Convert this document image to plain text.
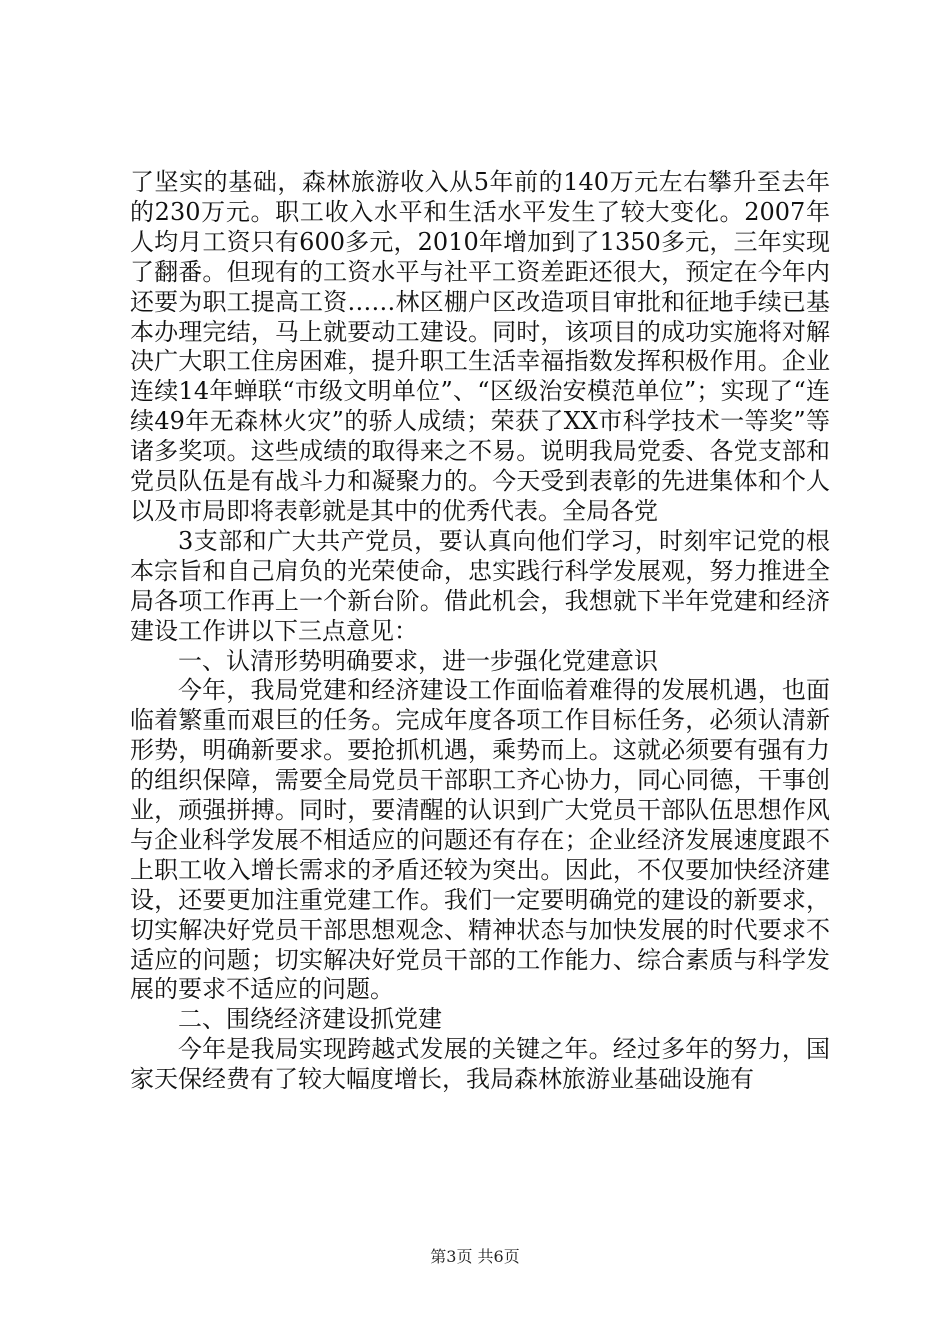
了坚实的基础，森林旅游收入从5年前的140万元左右攀升至去年的230万元。职工收入水平和生活水平发生了较大变化。2007年人均月工资只有600多元，2010年增加到了1350多元，三年实现了翻番。但现有的工资水平与社平工资差距还很大，预定在今年内还要为职工提高工资……林区棚户区改造项目审批和征地手续已基本办理完结，马上就要动工建设。同时，该项目的成功实施将对解决广大职工住房困难，提升职工生活幸福指数发挥积极作用。企业连续14年蝉联“市级文明单位”、“区级治安模范单位”；实现了“连续49年无森林火灾”的骄人成绩；荣获了XX市科学技术一等奖”等诸多奖项。这些成绩的取得来之不易。说明我局党委、各党支部和党员队伍是有战斗力和凝聚力的。今天受到表彰的先进集体和个人以及市局即将表彰就是其中的优秀代表。全局各党

3支部和广大共产党员，要认真向他们学习，时刻牢记党的根本宗旨和自己肩负的光荣使命，忠实践行科学发展观，努力推进全局各项工作再上一个新台阶。借此机会，我想就下半年党建和经济建设工作讲以下三点意见：

一、认清形势明确要求，进一步强化党建意识

今年，我局党建和经济建设工作面临着难得的发展机遇，也面临着繁重而艰巨的任务。完成年度各项工作目标任务，必须认清新形势，明确新要求。要抢抓机遇，乘势而上。这就必须要有强有力的组织保障，需要全局党员干部职工齐心协力，同心同德，干事创业，顽强拼搏。同时，要清醒的认识到广大党员干部队伍思想作风与企业科学发展不相适应的问题还有存在；企业经济发展速度跟不上职工收入增长需求的矛盾还较为突出。因此，不仅要加快经济建设，还要更加注重党建工作。我们一定要明确党的建设的新要求，切实解决好党员干部思想观念、精神状态与加快发展的时代要求不适应的问题；切实解决好党员干部的工作能力、综合素质与科学发展的要求不适应的问题。

二、围绕经济建设抓党建

今年是我局实现跨越式发展的关键之年。经过多年的努力，国家天保经费有了较大幅度增长，我局森林旅游业基础设施有

第3页 共6页
